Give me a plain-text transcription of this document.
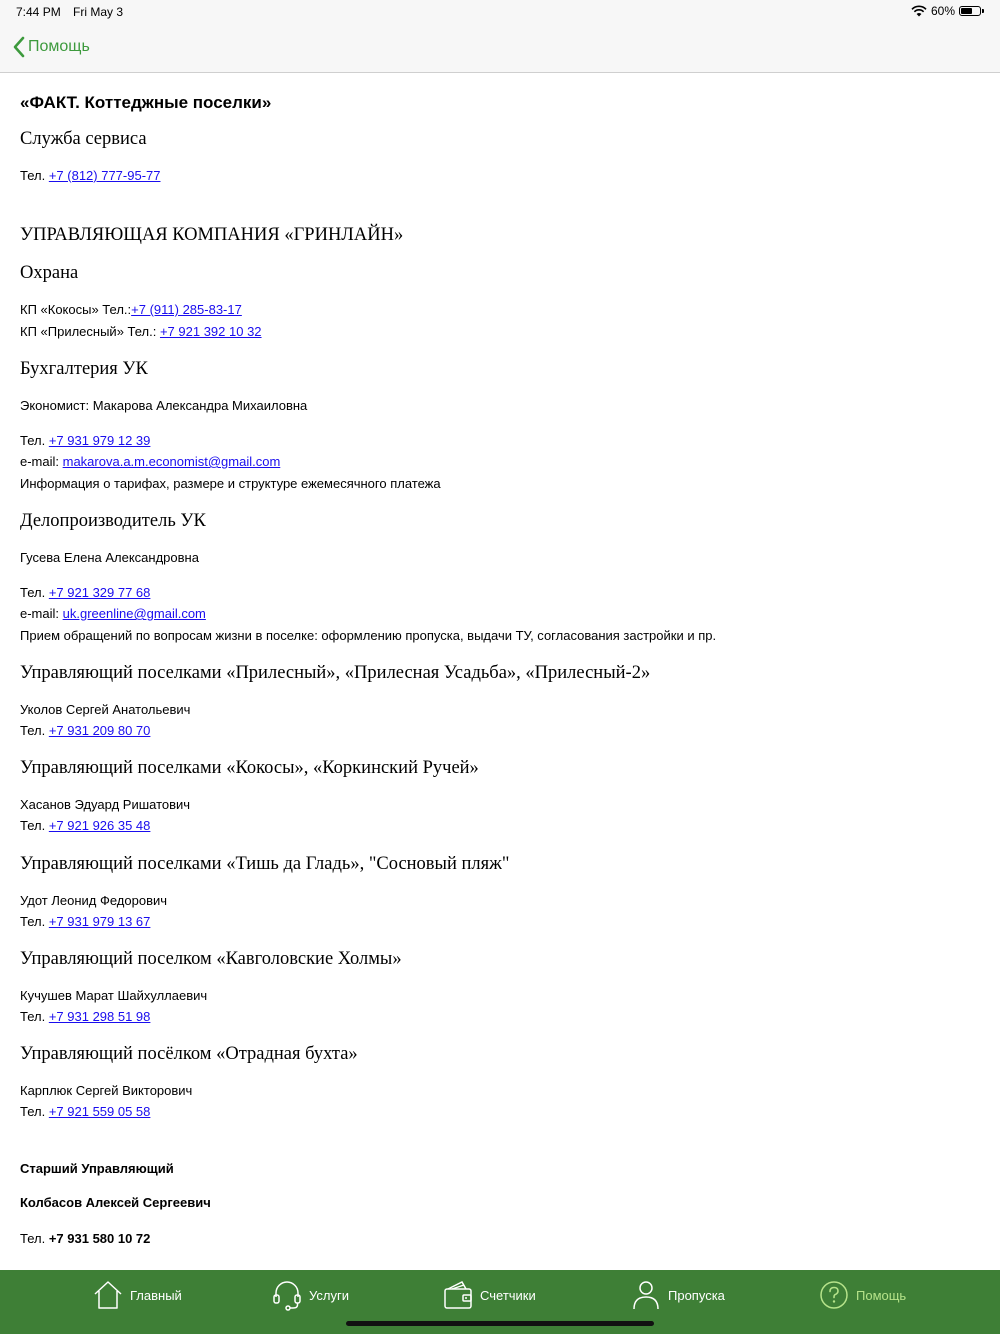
7:44 PM Fri May 3	60%
Помощь
«ФАКТ. Коттеджные поселки»
Служба сервиса
Тел. +7 (812) 777-95-77
УПРАВЛЯЮЩАЯ КОМПАНИЯ «ГРИНЛАЙН»
Охрана
КП «Кокосы» Тел.:+7 (911) 285-83-17
КП «Прилесный» Тел.: +7 921 392 10 32
Бухгалтерия УК
Экономист: Макарова Александра Михаиловна
Тел. +7 931 979 12 39
e-mail: makarova.a.m.economist@gmail.com
Информация о тарифах, размере и структуре ежемесячного платежа
Делопроизводитель УК
Гусева Елена Александровна
Тел. +7 921 329 77 68
e-mail: uk.greenline@gmail.com
Прием обращений по вопросам жизни в поселке: оформлению пропуска, выдачи ТУ, согласования застройки и пр.
Управляющий поселками «Прилесный», «Прилесная Усадьба», «Прилесный-2»
Уколов Сергей Анатольевич
Тел. +7 931 209 80 70
Управляющий поселками «Кокосы», «Коркинский Ручей»
Хасанов Эдуард Ришатович
Тел. +7 921 926 35 48
Управляющий поселками «Тишь да Гладь», "Сосновый пляж"
Удот Леонид Федорович
Тел. +7 931 979 13 67
Управляющий поселком «Кавголовские Холмы»
Кучушев Марат Шайхуллаевич
Тел. +7 931 298 51 98
Управляющий посёлком «Отрадная бухта»
Карплюк Сергей Викторович
Тел. +7 921 559 05 58
Старший Управляющий
Колбасов Алексей Сергеевич
Тел. +7 931 580 10 72
Главный	Услуги	Счетчики	Пропуска	Помощь
